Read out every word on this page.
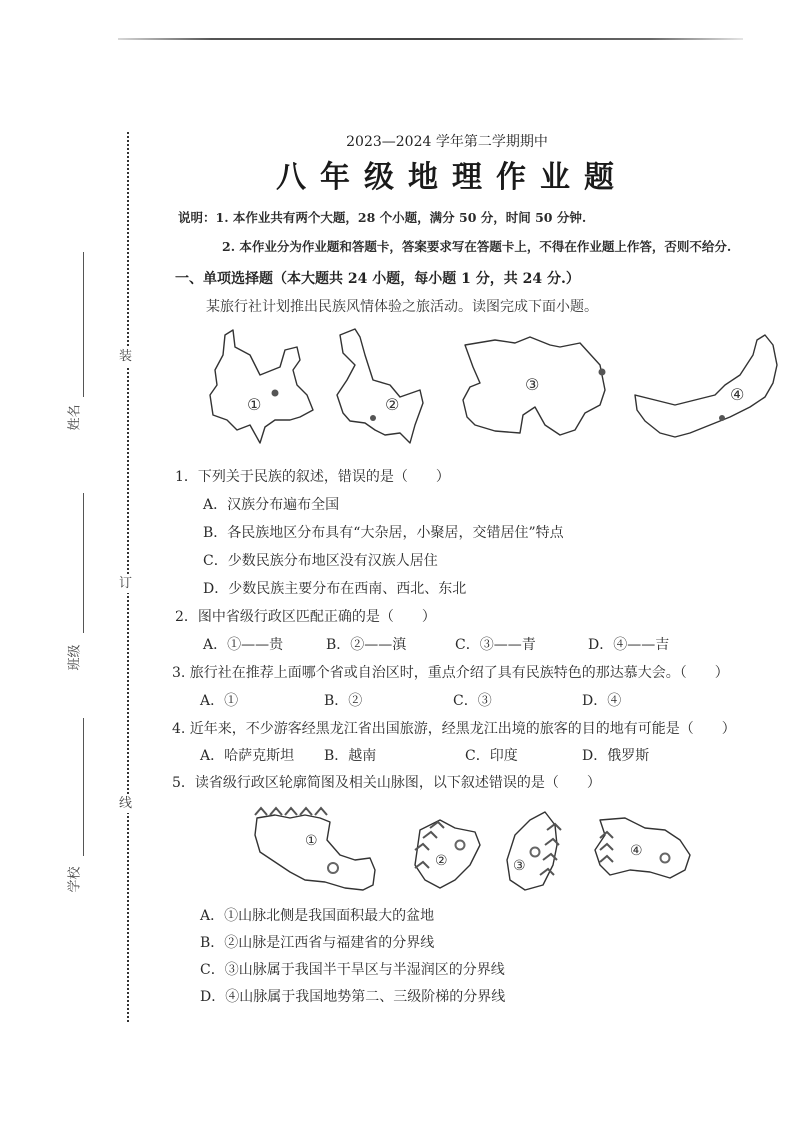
装
订
线
姓名
班级
学校
2023—2024 学年第二学期期中
八年级地理作业题
说明：1. 本作业共有两个大题，28 个小题，满分 50 分，时间 50 分钟.
2. 本作业分为作业题和答题卡，答案要求写在答题卡上，不得在作业题上作答，否则不给分.
一、单项选择题（本大题共 24 小题，每小题 1 分，共 24 分.）
某旅行社计划推出民族风情体验之旅活动。读图完成下面小题。
①	②
③
④
1．下列关于民族的叙述，错误的是（　　）
A．汉族分布遍布全国
B．各民族地区分布具有“大杂居，小聚居，交错居住”特点
C．少数民族分布地区没有汉族人居住
D．少数民族主要分布在西南、西北、东北
2．图中省级行政区匹配正确的是（　　）
A．①——贵	B．②——滇	C．③——青	D．④——吉
3. 旅行社在推荐上面哪个省或自治区时，重点介绍了具有民族特色的那达慕大会。（　　）
A．①	B．②	C．③	D．④
4. 近年来，不少游客经黑龙江省出国旅游，经黑龙江出境的旅客的目的地有可能是（　　）
A．哈萨克斯坦 B．越南	C．印度	D．俄罗斯
5．读省级行政区轮廓简图及相关山脉图，以下叙述错误的是（　　）
①
②	③
④
A．①山脉北侧是我国面积最大的盆地
B．②山脉是江西省与福建省的分界线
C．③山脉属于我国半干旱区与半湿润区的分界线
D．④山脉属于我国地势第二、三级阶梯的分界线
